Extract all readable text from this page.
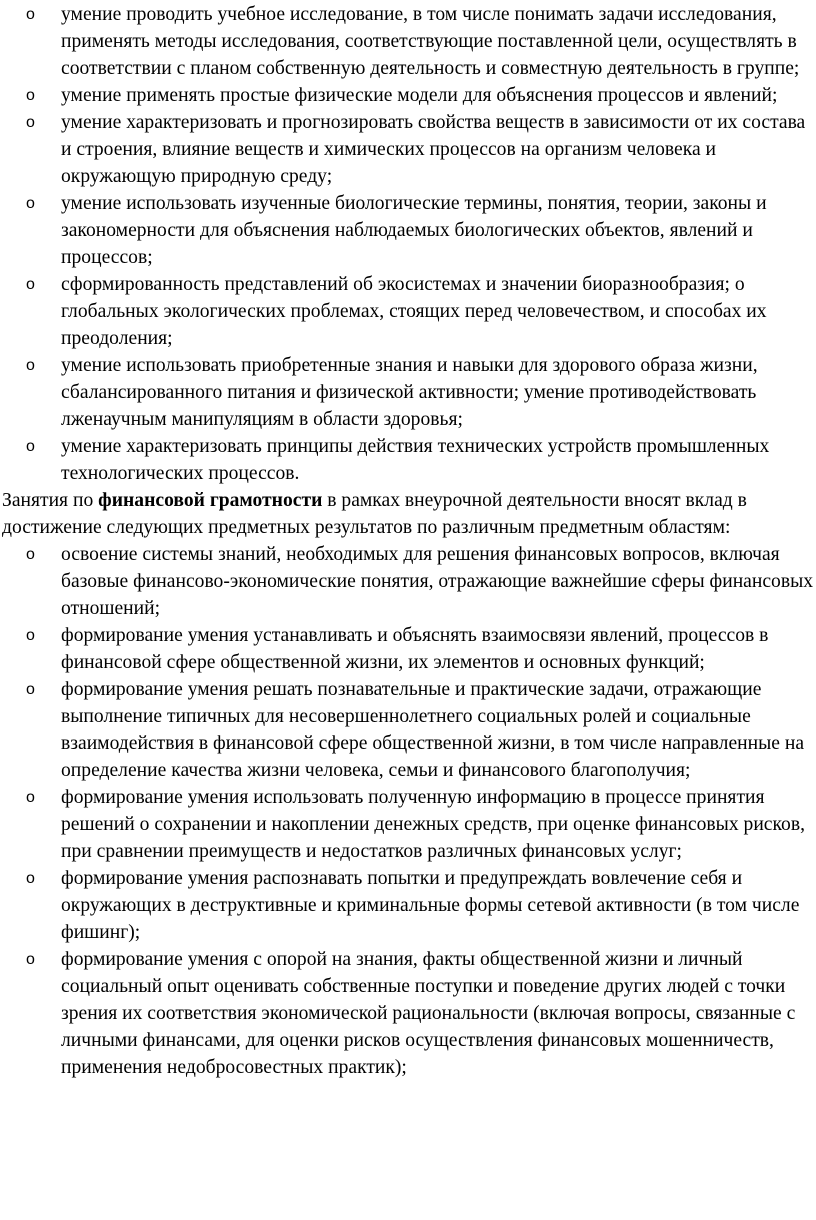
o	умение проводить учебное исследование, в том числе понимать задачи исследования, применять методы исследования, соответствующие поставленной цели, осуществлять в соответствии с планом собственную деятельность и совместную деятельность в группе;
o	умение применять простые физические модели для объяснения процессов и явлений;
o	умение характеризовать и прогнозировать свойства веществ в зависимости от их состава и строения, влияние веществ и химических процессов на организм человека и окружающую природную среду;
o	умение использовать изученные биологические термины, понятия, теории, законы и закономерности для объяснения наблюдаемых биологических объектов, явлений и процессов;
o	сформированность представлений об экосистемах и значении биоразнообразия; о глобальных экологических проблемах, стоящих перед человечеством, и способах их преодоления;
o	умение использовать приобретенные знания и навыки для здорового образа жизни, сбалансированного питания и физической активности; умение противодействовать лженаучным манипуляциям в области здоровья;
o	умение характеризовать принципы действия технических устройств промышленных технологических процессов.

Занятия по финансовой грамотности в рамках внеурочной деятельности вносят вклад в достижение следующих предметных результатов по различным предметным областям:

o	освоение системы знаний, необходимых для решения финансовых вопросов, включая базовые финансово-экономические понятия, отражающие важнейшие сферы финансовых отношений;
o	формирование умения устанавливать и объяснять взаимосвязи явлений, процессов в финансовой сфере общественной жизни, их элементов и основных функций;
o	формирование умения решать познавательные и практические задачи, отражающие выполнение типичных для несовершеннолетнего социальных ролей и социальные взаимодействия в финансовой сфере общественной жизни, в том числе направленные на определение качества жизни человека, семьи и финансового благополучия;
o	формирование умения использовать полученную информацию в процессе принятия решений о сохранении и накоплении денежных средств, при оценке финансовых рисков, при сравнении преимуществ и недостатков различных финансовых услуг;
o	формирование умения распознавать попытки и предупреждать вовлечение себя и окружающих в деструктивные и криминальные формы сетевой активности (в том числе фишинг);
o	формирование умения с опорой на знания, факты общественной жизни и личный социальный опыт оценивать собственные поступки и поведение других людей с точки зрения их соответствия экономической рациональности (включая вопросы, связанные с личными финансами, для оценки рисков осуществления финансовых мошенничеств, применения недобросовестных практик);
